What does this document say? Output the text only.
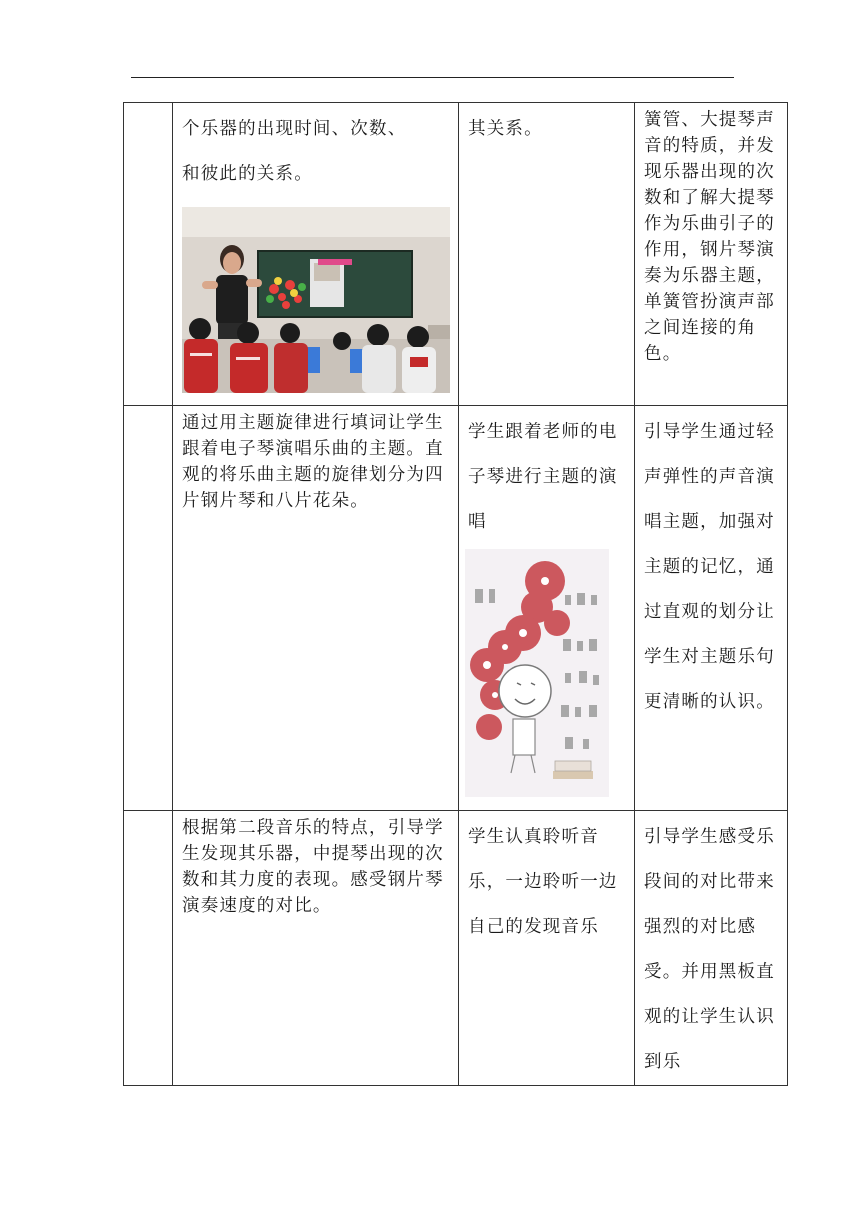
	个乐器的出现时间、次数、
和彼此的关系。	其关系。	簧管、大提琴声音的特质，并发现乐器出现的次数和了解大提琴作为乐曲引子的作用，钢片琴演奏为乐器主题，单簧管扮演声部之间连接的角色。

	通过用主题旋律进行填词让学生跟着电子琴演唱乐曲的主题。直观的将乐曲主题的旋律划分为四片钢片琴和八片花朵。	学生跟着老师的电子琴进行主题的演唱	引导学生通过轻声弹性的声音演唱主题，加强对主题的记忆，通过直观的划分让学生对主题乐句更清晰的认识。

	根据第二段音乐的特点，引导学生发现其乐器，中提琴出现的次数和其力度的表现。感受钢片琴演奏速度的对比。	学生认真聆听音乐，一边聆听一边自己的发现音乐	引导学生感受乐段间的对比带来强烈的对比感受。并用黑板直观的让学生认识到乐
